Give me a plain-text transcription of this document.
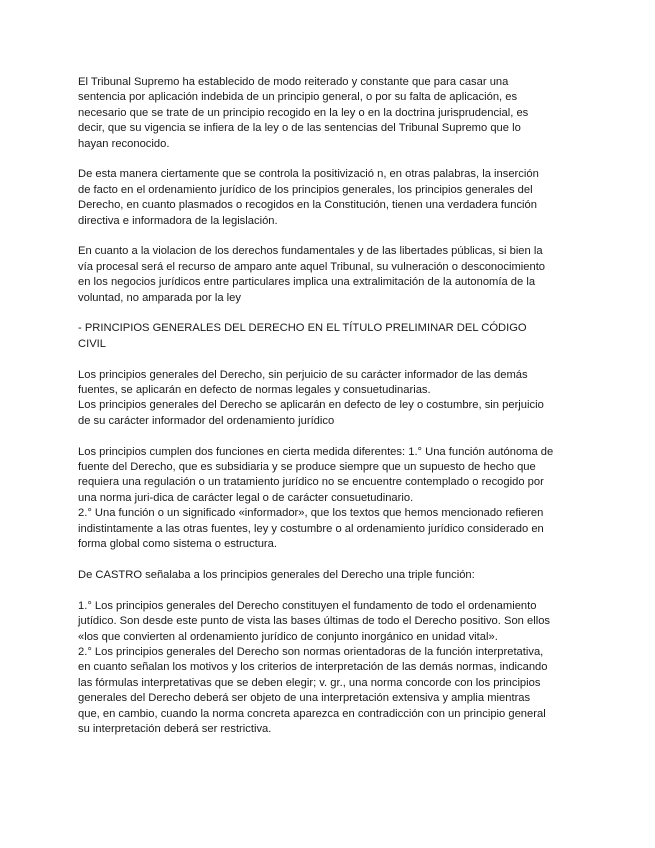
El Tribunal Supremo ha establecido de modo reiterado y constante que para casar una
sentencia por aplicación indebida de un principio general, o por su falta de aplicación, es
necesario que se trate de un principio recogido en la ley o en la doctrina jurisprudencial, es
decir, que su vigencia se infiera de la ley o de las sentencias del Tribunal Supremo que lo
hayan reconocido.
De esta manera ciertamente que se controla la positivizació n, en otras palabras, la inserción
de facto en el ordenamiento jurídico de los principios generales, los principios generales del
Derecho, en cuanto plasmados o recogidos en la Constitución, tienen una verdadera función
directiva e informadora de la legislación.
En cuanto a la violacion de los derechos fundamentales y de las libertades públicas, si bien la
vía procesal será el recurso de amparo ante aquel Tribunal, su vulneración o desconocimiento
en los negocios jurídicos entre particulares implica una extralimitación de la autonomía de la
voluntad, no amparada por la ley
- PRINCIPIOS GENERALES DEL DERECHO EN EL TÍTULO PRELIMINAR DEL CÓDIGO
CIVIL
Los principios generales del Derecho, sin perjuicio de su carácter informador de las demás
fuentes, se aplicarán en defecto de normas legales y consuetudinarias.
Los principios generales del Derecho se aplicarán en defecto de ley o costumbre, sin perjuicio
de su carácter informador del ordenamiento jurídico
Los principios cumplen dos funciones en cierta medida diferentes: 1.° Una función autónoma de
fuente del Derecho, que es subsidiaria y se produce siempre que un supuesto de hecho que
requiera una regulación o un tratamiento jurídico no se encuentre contemplado o recogido por
una norma juri-dica de carácter legal o de carácter consuetudinario.
2.° Una función o un significado «informador», que los textos que hemos mencionado refieren
indistintamente a las otras fuentes, ley y costumbre o al ordenamiento jurídico considerado en
forma global como sistema o estructura.
De CASTRO señalaba a los principios generales del Derecho una triple función:
1.° Los principios generales del Derecho constituyen el fundamento de todo el ordenamiento
jutídico. Son desde este punto de vista las bases últimas de todo el Derecho positivo. Son ellos
«los que convierten al ordenamiento jurídico de conjunto inorgánico en unidad vital».
2.° Los principios generales del Derecho son normas orientadoras de la función interpretativa,
en cuanto señalan los motivos y los criterios de interpretación de las demás normas, indicando
las fórmulas interpretativas que se deben elegir; v. gr., una norma concorde con los principios
generales del Derecho deberá ser objeto de una interpretación extensiva y amplia mientras
que, en cambio, cuando la norma concreta aparezca en contradicción con un principio general
su interpretación deberá ser restrictiva.
